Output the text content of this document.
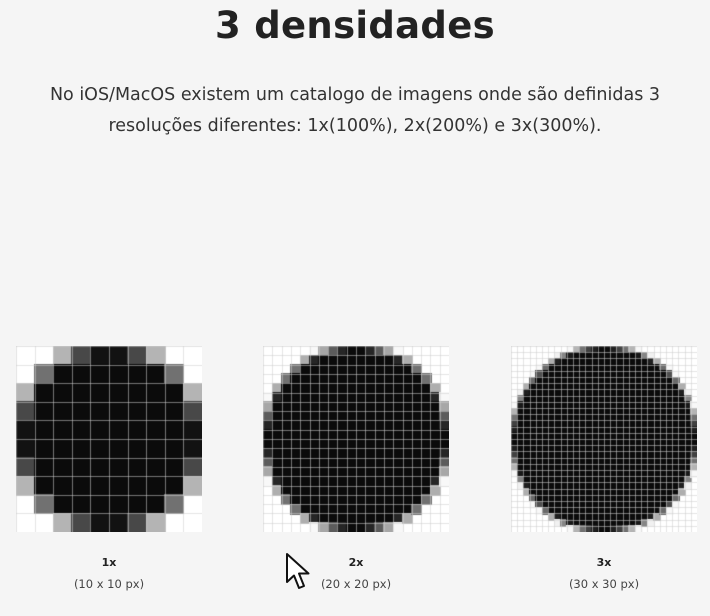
3 densidades
No iOS/MacOS existem um catalogo de imagens onde são definidas 3
resoluções diferentes: 1x(100%), 2x(200%) e 3x(300%).
1x
(10 x 10 px)
2x
(20 x 20 px)
3x
(30 x 30 px)
